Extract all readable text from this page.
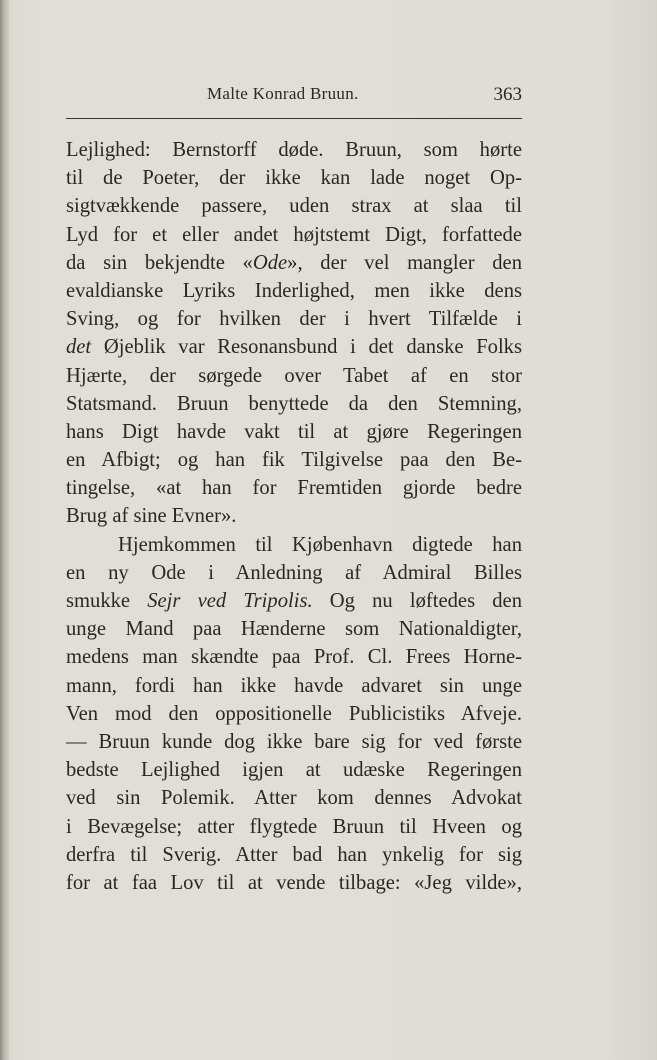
Malte Konrad Bruun.	363
Lejlighed: Bernstorff døde. Bruun, som hørte
til de Poeter, der ikke kan lade noget Op-
sigtvækkende passere, uden strax at slaa til
Lyd for et eller andet højtstemt Digt, forfattede
da sin bekjendte «Ode», der vel mangler den
evaldianske Lyriks Inderlighed, men ikke dens
Sving, og for hvilken der i hvert Tilfælde i
det Øjeblik var Resonansbund i det danske Folks
Hjærte, der sørgede over Tabet af en stor
Statsmand. Bruun benyttede da den Stemning,
hans Digt havde vakt til at gjøre Regeringen
en Afbigt; og han fik Tilgivelse paa den Be-
tingelse, «at han for Fremtiden gjorde bedre
Brug af sine Evner».
Hjemkommen til Kjøbenhavn digtede han
en ny Ode i Anledning af Admiral Billes
smukke Sejr ved Tripolis. Og nu løftedes den
unge Mand paa Hænderne som Nationaldigter,
medens man skændte paa Prof. Cl. Frees Horne-
mann, fordi han ikke havde advaret sin unge
Ven mod den oppositionelle Publicistiks Afveje.
— Bruun kunde dog ikke bare sig for ved første
bedste Lejlighed igjen at udæske Regeringen
ved sin Polemik. Atter kom dennes Advokat
i Bevægelse; atter flygtede Bruun til Hveen og
derfra til Sverig. Atter bad han ynkelig for sig
for at faa Lov til at vende tilbage: «Jeg vilde»,
